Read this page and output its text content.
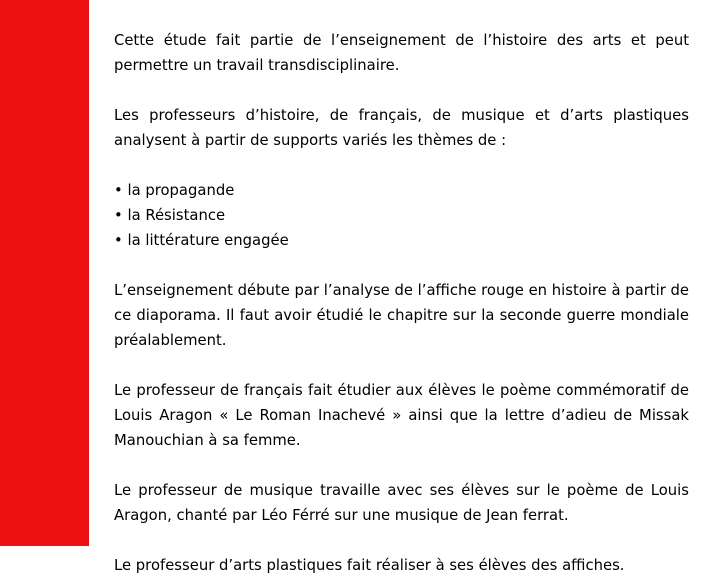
Cette étude fait partie de l’enseignement de l’histoire des arts et peut permettre un travail transdisciplinaire.

Les professeurs d’histoire, de français, de musique et d’arts plastiques analysent à partir de supports variés les thèmes de :

• la propagande
• la Résistance
• la littérature engagée

L’enseignement débute par l’analyse de l’affiche rouge en histoire à partir de ce diaporama. Il faut avoir étudié le chapitre sur la seconde guerre mondiale préalablement.

Le professeur de français fait étudier aux élèves le poème commémoratif de Louis Aragon « Le Roman Inachevé » ainsi que la lettre d’adieu de Missak Manouchian à sa femme.

Le professeur de musique travaille avec ses élèves sur le poème de Louis Aragon, chanté par Léo Férré sur une musique de Jean ferrat.

Le professeur d’arts plastiques fait réaliser à ses élèves des affiches.
